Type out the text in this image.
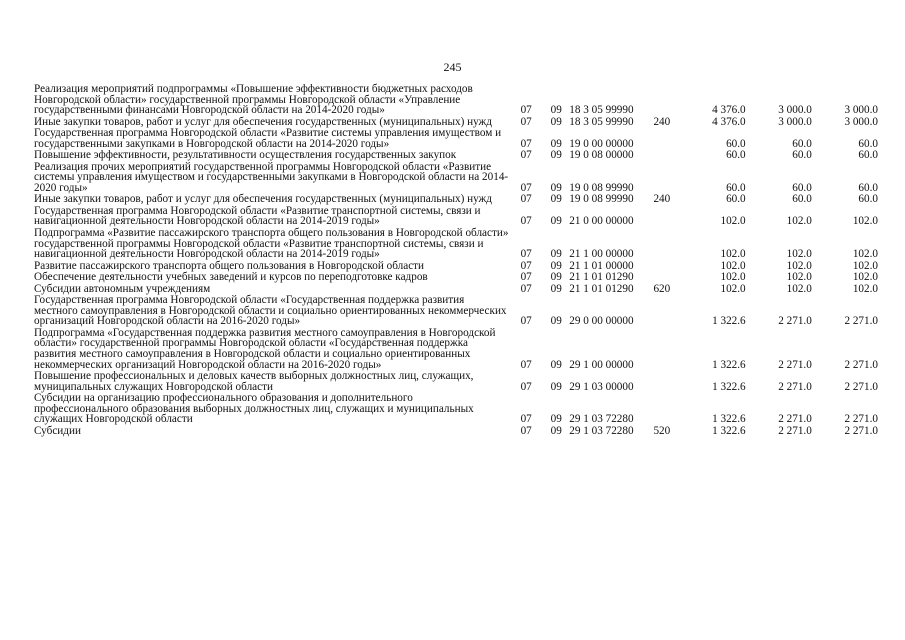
245
Реализация мероприятий подпрограммы «Повышение эффективности бюджетных расходов Новгородской области» государственной программы Новгородской области «Управление государственными финансами Новгородской области на 2014-2020 годы»	07	09	18 3 05 99990		4 376.0	3 000.0	3 000.0
Иные закупки товаров, работ и услуг для обеспечения государственных (муниципальных) нужд	07	09	18 3 05 99990	240	4 376.0	3 000.0	3 000.0
Государственная программа Новгородской области «Развитие системы управления имуществом и государственными закупками в Новгородской области на 2014-2020 годы»	07	09	19 0 00 00000		60.0	60.0	60.0
Повышение эффективности, результативности осуществления государственных закупок	07	09	19 0 08 00000		60.0	60.0	60.0
Реализация прочих мероприятий государственной программы Новгородской области «Развитие системы управления имуществом и государственными закупками в Новгородской области на 2014-2020 годы»	07	09	19 0 08 99990		60.0	60.0	60.0
Иные закупки товаров, работ и услуг для обеспечения государственных (муниципальных) нужд	07	09	19 0 08 99990	240	60.0	60.0	60.0
Государственная программа Новгородской области «Развитие транспортной системы, связи и навигационной деятельности Новгородской области на 2014-2019 годы»	07	09	21 0 00 00000		102.0	102.0	102.0
Подпрограмма «Развитие пассажирского транспорта общего пользования в Новгородской области» государственной программы Новгородской области «Развитие транспортной системы, связи и навигационной деятельности Новгородской области на 2014-2019 годы»	07	09	21 1 00 00000		102.0	102.0	102.0
Развитие пассажирского транспорта общего пользования в Новгородской области	07	09	21 1 01 00000		102.0	102.0	102.0
Обеспечение деятельности учебных заведений и курсов по переподготовке кадров	07	09	21 1 01 01290		102.0	102.0	102.0
Субсидии автономным учреждениям	07	09	21 1 01 01290	620	102.0	102.0	102.0
Государственная программа Новгородской области «Государственная поддержка развития местного самоуправления в Новгородской области и социально ориентированных некоммерческих организаций Новгородской области на 2016-2020 годы»	07	09	29 0 00 00000		1 322.6	2 271.0	2 271.0
Подпрограмма «Государственная поддержка развития местного самоуправления в Новгородской области» государственной программы Новгородской области «Государственная поддержка развития местного самоуправления в Новгородской области и социально ориентированных некоммерческих организаций Новгородской области на 2016-2020 годы»	07	09	29 1 00 00000		1 322.6	2 271.0	2 271.0
Повышение профессиональных и деловых качеств выборных должностных лиц, служащих, муниципальных служащих Новгородской области	07	09	29 1 03 00000		1 322.6	2 271.0	2 271.0
Субсидии на организацию профессионального образования и дополнительного профессионального образования выборных должностных лиц, служащих и муниципальных служащих Новгородской области	07	09	29 1 03 72280		1 322.6	2 271.0	2 271.0
Субсидии	07	09	29 1 03 72280	520	1 322.6	2 271.0	2 271.0
